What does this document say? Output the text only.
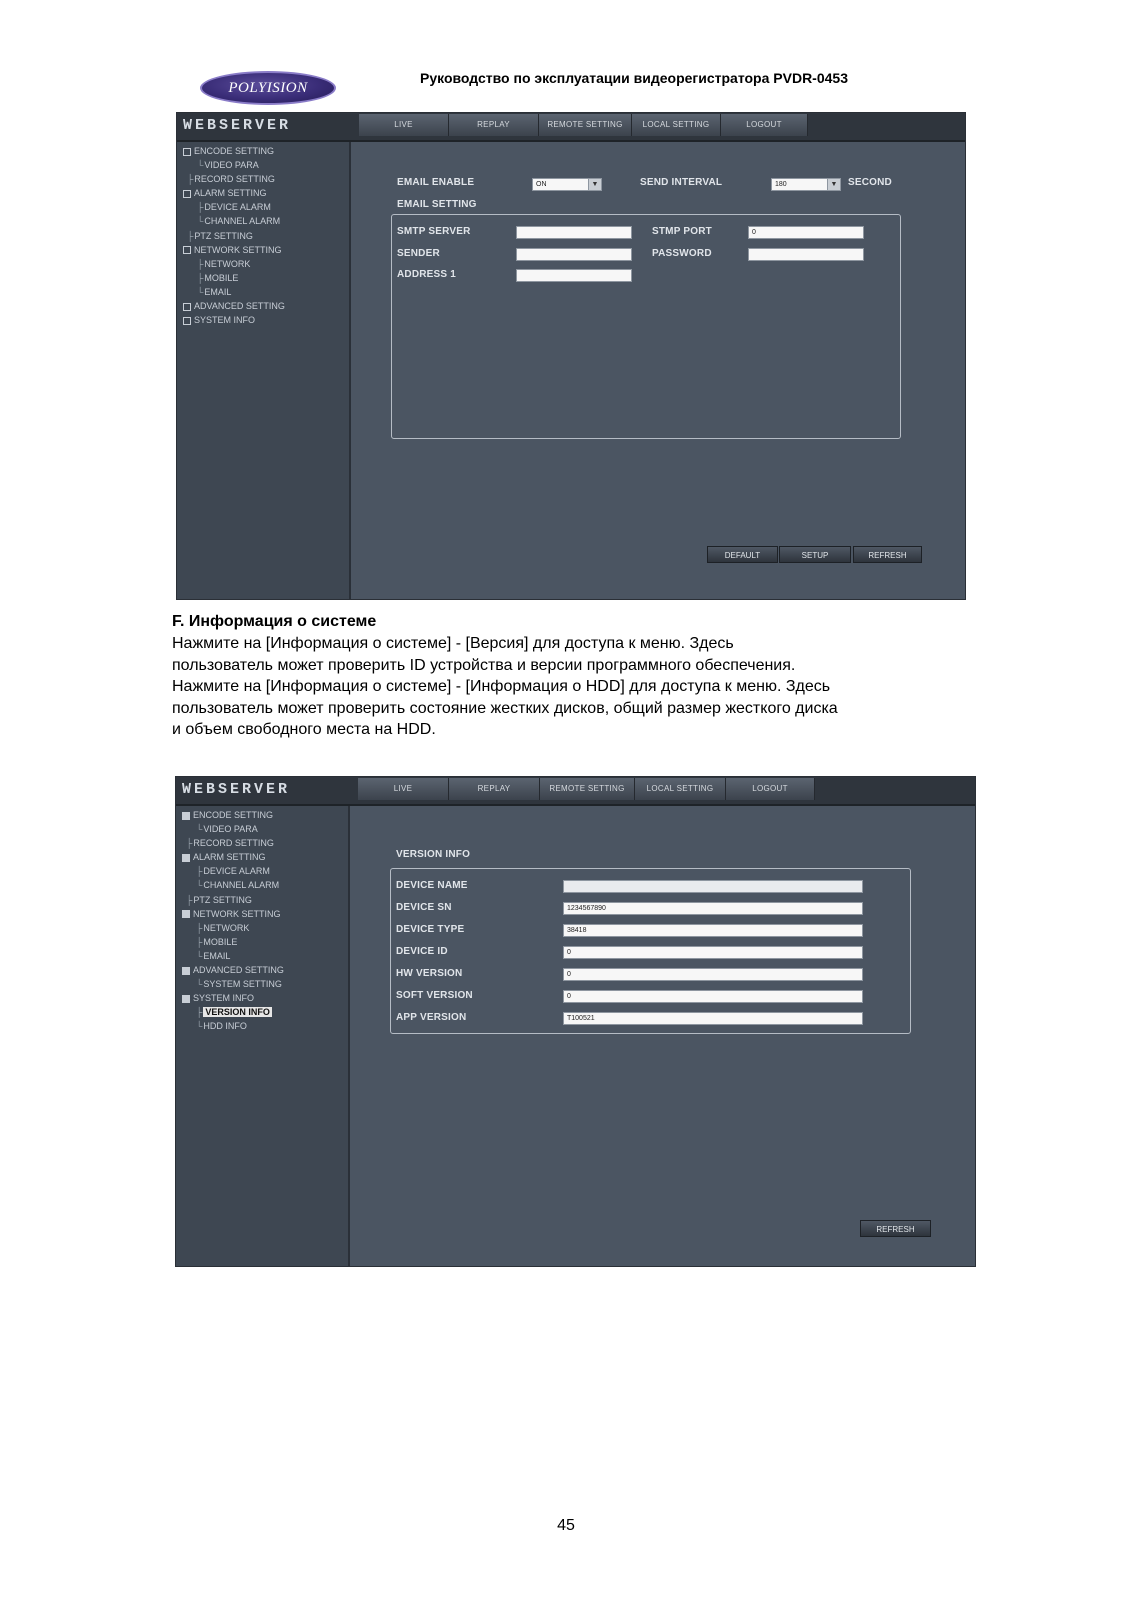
POLYISION
Руководство по эксплуатации видеорегистратора PVDR-0453
WEBSERVER	LIVE	REPLAY	REMOTE SETTING	LOCAL SETTING	LOGOUT
ENCODE SETTING
└VIDEO PARA
├RECORD SETTING
ALARM SETTING
├DEVICE ALARM
└CHANNEL ALARM
├PTZ SETTING
NETWORK SETTING
├NETWORK
├MOBILE
└EMAIL
ADVANCED SETTING
SYSTEM INFO
EMAIL ENABLE	ON	▼	SEND INTERVAL	180	▼ SECOND
EMAIL SETTING
SMTP SERVER	STMP PORT	0
SENDER	PASSWORD
ADDRESS 1
DEFAULT	SETUP	REFRESH
F. Информация о системе

Нажмите на [Информация о системе] - [Версия] для доступа к меню. Здесь

пользователь может проверить ID устройства и версии программного обеспечения.

Нажмите на [Информация о системе] - [Информация о HDD] для доступа к меню. Здесь

пользователь может проверить состояние жестких дисков, общий размер жесткого диска

и объем свободного места на HDD.

WEBSERVER	LIVE	REPLAY	REMOTE SETTING	LOCAL SETTING	LOGOUT
ENCODE SETTING
└VIDEO PARA
├RECORD SETTING
ALARM SETTING
├DEVICE ALARM
└CHANNEL ALARM
├PTZ SETTING
NETWORK SETTING
├NETWORK
├MOBILE
└EMAIL
ADVANCED SETTING
└SYSTEM SETTING
SYSTEM INFO
├ VERSION INFO
└HDD INFO
VERSION INFO
DEVICE NAME
DEVICE SN	1234567890
DEVICE TYPE	38418
DEVICE ID	0
HW VERSION	0
SOFT VERSION	0
APP VERSION	T100521
REFRESH
45
